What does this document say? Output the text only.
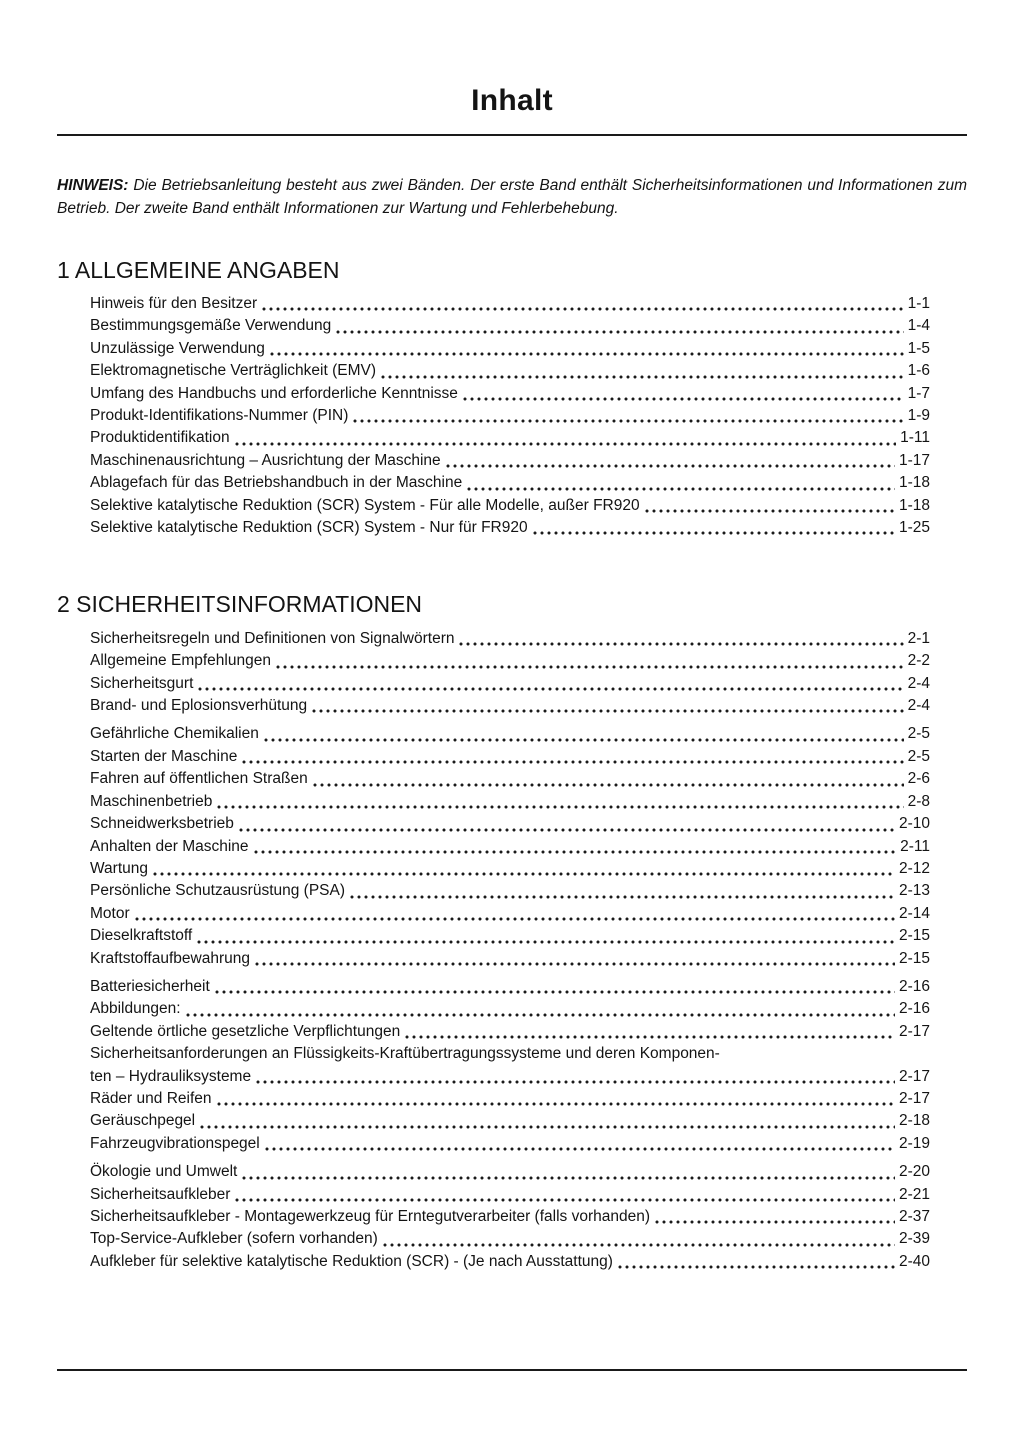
Inhalt

HINWEIS: Die Betriebsanleitung besteht aus zwei Bänden. Der erste Band enthält Sicherheitsinformationen und Informationen zum Betrieb. Der zweite Band enthält Informationen zur Wartung und Fehlerbehebung.

1 ALLGEMEINE ANGABEN
Hinweis für den Besitzer	1-1
Bestimmungsgemäße Verwendung	1-4
Unzulässige Verwendung	1-5
Elektromagnetische Verträglichkeit (EMV)	1-6
Umfang des Handbuchs und erforderliche Kenntnisse	1-7
Produkt-Identifikations-Nummer (PIN)	1-9
Produktidentifikation	1-11
Maschinenausrichtung – Ausrichtung der Maschine	1-17
Ablagefach für das Betriebshandbuch in der Maschine	1-18
Selektive katalytische Reduktion (SCR) System - Für alle Modelle, außer FR920	1-18
Selektive katalytische Reduktion (SCR) System - Nur für FR920	1-25
2 SICHERHEITSINFORMATIONEN
Sicherheitsregeln und Definitionen von Signalwörtern	2-1
Allgemeine Empfehlungen	2-2
Sicherheitsgurt	2-4
Brand- und Eplosionsverhütung	2-4
Gefährliche Chemikalien	2-5
Starten der Maschine	2-5
Fahren auf öffentlichen Straßen	2-6
Maschinenbetrieb	2-8
Schneidwerksbetrieb	2-10
Anhalten der Maschine	2-11
Wartung	2-12
Persönliche Schutzausrüstung (PSA)	2-13
Motor	2-14
Dieselkraftstoff	2-15
Kraftstoffaufbewahrung	2-15
Batteriesicherheit	2-16
Abbildungen:	2-16
Geltende örtliche gesetzliche Verpflichtungen	2-17
Sicherheitsanforderungen an Flüssigkeits-Kraftübertragungssysteme und deren Komponen-
ten – Hydrauliksysteme	2-17
Räder und Reifen	2-17
Geräuschpegel	2-18
Fahrzeugvibrationspegel	2-19
Ökologie und Umwelt	2-20
Sicherheitsaufkleber	2-21
Sicherheitsaufkleber - Montagewerkzeug für Erntegutverarbeiter (falls vorhanden)	2-37
Top-Service-Aufkleber (sofern vorhanden)	2-39
Aufkleber für selektive katalytische Reduktion (SCR) - (Je nach Ausstattung)	2-40
